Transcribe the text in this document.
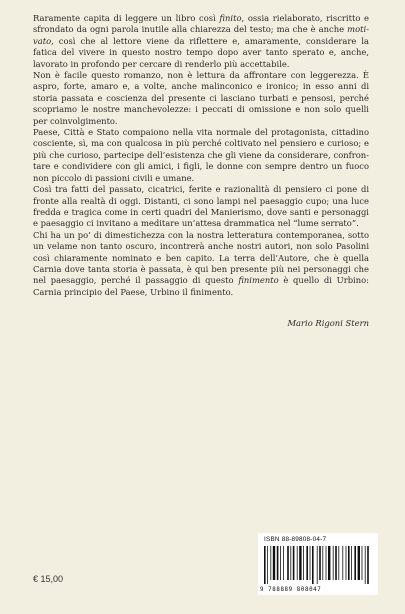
Raramente capita di leggere un libro così finito, ossia rielaborato, riscritto e sfrondato da ogni parola inutile alla chiarezza del testo; ma che è anche moti- vato, così che al lettore viene da riflettere e, amaramente, considerare la fatica del vivere in questo nostro tempo dopo aver tanto sperato e, anche, lavorato in profondo per cercare di renderlo più accettabile.

Non è facile questo romanzo, non è lettura da affrontare con leggerezza. È aspro, forte, amaro e, a volte, anche malinconico e ironico; in esso anni di storia passata e coscienza del presente ci lasciano turbati e pensosi, perché scopriamo le nostre manchevolezze: i peccati di omissione e non solo quelli per coinvolgimento.

Paese, Città e Stato compaiono nella vita normale del protagonista, cittadino cosciente, sì, ma con qualcosa in più perché coltivato nel pensiero e curioso; e più che curioso, partecipe dell’esistenza che gli viene da considerare, confron- tare e condividere con gli amici, i figli, le donne con sempre dentro un fuoco non piccolo di passioni civili e umane.

Così tra fatti del passato, cicatrici, ferite e razionalità di pensiero ci pone di fronte alla realtà di oggi. Distanti, ci sono lampi nel paesaggio cupo; una luce fredda e tragica come in certi quadri del Manierismo, dove santi e personaggi e paesaggio ci invitano a meditare un’attesa drammatica nel “lume serrato”.

Chi ha un po’ di dimestichezza con la nostra letteratura contemporanea, sotto un velame non tanto oscuro, incontrerà anche nostri autori, non solo Pasolini così chiaramente nominato e ben capito. La terra dell’Autore, che è quella Carnia dove tanta storia è passata, è qui ben presente più nei personaggi che nel paesaggio, perché il passaggio di questo finimento è quello di Urbino: Carnia principio del Paese, Urbino il finimento.

Mario Rigoni Stern
€ 15,00
ISBN 88-89808-04-7
9 788889 808047
